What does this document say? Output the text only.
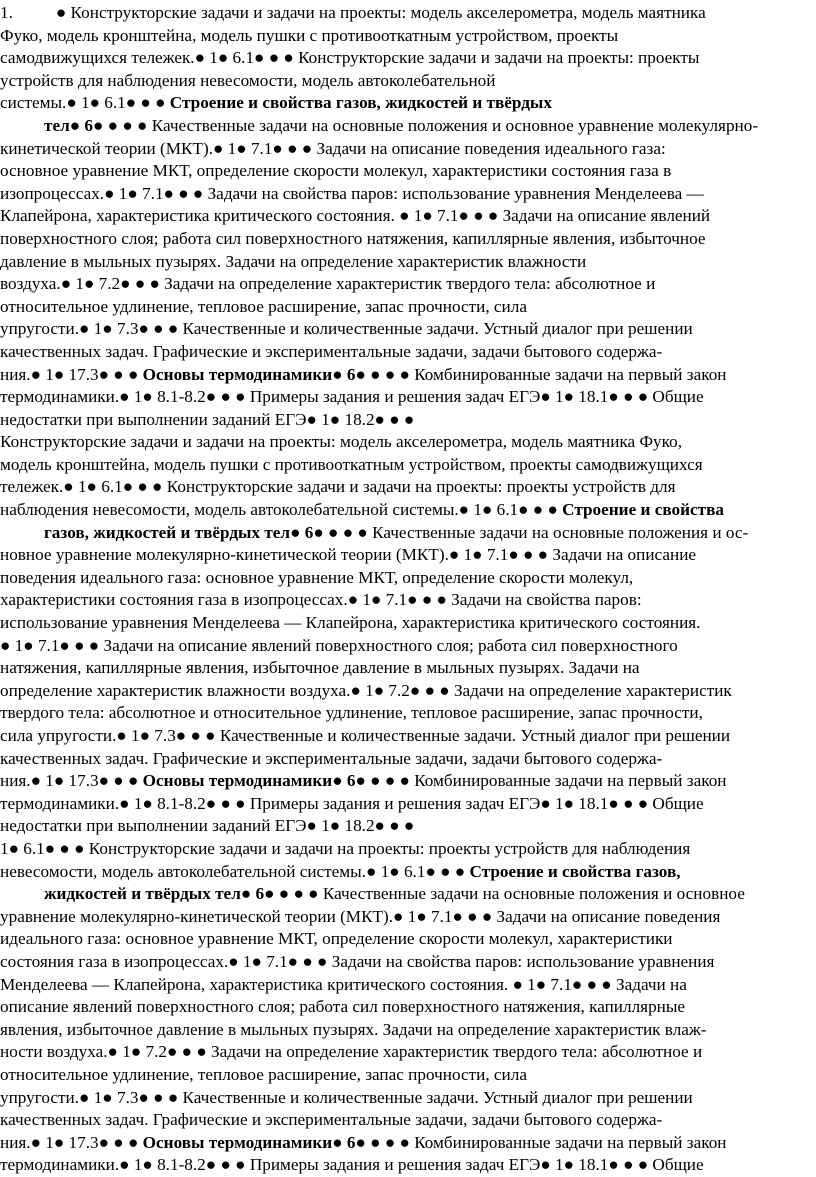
1.          ● Конструкторские задачи и задачи на проекты: модель акселерометра, модель маятника
Фуко, модель кронштейна, модель пушки с противооткатным устройством, проекты
самодвижущихся тележек.● 1● 6.1● ● ● Конструкторские задачи и задачи на проекты: проекты
устройств для наблюдения невесомости, модель автоколебательной
системы.● 1● 6.1● ● ● Строение и свойства газов, жидкостей и твёрдых
тел● 6● ● ● ● Качественные задачи на основные положения и основное уравнение молекулярно-
кинетической теории (МКТ).● 1● 7.1● ● ● Задачи на описание поведения идеального газа:
основное уравнение МКТ, определение скорости молекул, характеристики состояния газа в
изопроцессах.● 1● 7.1● ● ● Задачи на свойства паров: использование уравнения Менделеева —
Клапейрона, характеристика критического состояния. ● 1● 7.1● ● ● Задачи на описание явлений
поверхностного слоя; работа сил поверхностного натяжения, капиллярные явления, избыточное
давление в мыльных пузырях. Задачи на определение характеристик влажности
воздуха.● 1● 7.2● ● ● Задачи на определение характеристик твердого тела: абсолютное и
относительное удлинение, тепловое расширение, запас прочности, сила
упругости.● 1● 7.3● ● ● Качественные и количественные задачи. Устный диалог при решении
качественных задач. Графические и экспериментальные задачи, задачи бытового содержа-
ния.● 1● 17.3● ● ● Основы термодинамики● 6● ● ● ● Комбинированные задачи на первый закон
термодинамики.● 1● 8.1-8.2● ● ● Примеры задания и решения задач ЕГЭ● 1● 18.1● ● ● Общие
недостатки при выполнении заданий ЕГЭ● 1● 18.2● ● ●
Конструкторские задачи и задачи на проекты: модель акселерометра, модель маятника Фуко,
модель кронштейна, модель пушки с противооткатным устройством, проекты самодвижущихся
тележек.● 1● 6.1● ● ● Конструкторские задачи и задачи на проекты: проекты устройств для
наблюдения невесомости, модель автоколебательной системы.● 1● 6.1● ● ● Строение и свойства
газов, жидкостей и твёрдых тел● 6● ● ● ● Качественные задачи на основные положения и ос-
новное уравнение молекулярно-кинетической теории (МКТ).● 1● 7.1● ● ● Задачи на описание
поведения идеального газа: основное уравнение МКТ, определение скорости молекул,
характеристики состояния газа в изопроцессах.● 1● 7.1● ● ● Задачи на свойства паров:
использование уравнения Менделеева — Клапейрона, характеристика критического состояния.
● 1● 7.1● ● ● Задачи на описание явлений поверхностного слоя; работа сил поверхностного
натяжения, капиллярные явления, избыточное давление в мыльных пузырях. Задачи на
определение характеристик влажности воздуха.● 1● 7.2● ● ● Задачи на определение характеристик
твердого тела: абсолютное и относительное удлинение, тепловое расширение, запас прочности,
сила упругости.● 1● 7.3● ● ● Качественные и количественные задачи. Устный диалог при решении
качественных задач. Графические и экспериментальные задачи, задачи бытового содержа-
ния.● 1● 17.3● ● ● Основы термодинамики● 6● ● ● ● Комбинированные задачи на первый закон
термодинамики.● 1● 8.1-8.2● ● ● Примеры задания и решения задач ЕГЭ● 1● 18.1● ● ● Общие
недостатки при выполнении заданий ЕГЭ● 1● 18.2● ● ●
1● 6.1● ● ● Конструкторские задачи и задачи на проекты: проекты устройств для наблюдения
невесомости, модель автоколебательной системы.● 1● 6.1● ● ● Строение и свойства газов,
жидкостей и твёрдых тел● 6● ● ● ● Качественные задачи на основные положения и основное
уравнение молекулярно-кинетической теории (МКТ).● 1● 7.1● ● ● Задачи на описание поведения
идеального газа: основное уравнение МКТ, определение скорости молекул, характеристики
состояния газа в изопроцессах.● 1● 7.1● ● ● Задачи на свойства паров: использование уравнения
Менделеева — Клапейрона, характеристика критического состояния. ● 1● 7.1● ● ● Задачи на
описание явлений поверхностного слоя; работа сил поверхностного натяжения, капиллярные
явления, избыточное давление в мыльных пузырях. Задачи на определение характеристик влаж-
ности воздуха.● 1● 7.2● ● ● Задачи на определение характеристик твердого тела: абсолютное и
относительное удлинение, тепловое расширение, запас прочности, сила
упругости.● 1● 7.3● ● ● Качественные и количественные задачи. Устный диалог при решении
качественных задач. Графические и экспериментальные задачи, задачи бытового содержа-
ния.● 1● 17.3● ● ● Основы термодинамики● 6● ● ● ● Комбинированные задачи на первый закон
термодинамики.● 1● 8.1-8.2● ● ● Примеры задания и решения задач ЕГЭ● 1● 18.1● ● ● Общие
